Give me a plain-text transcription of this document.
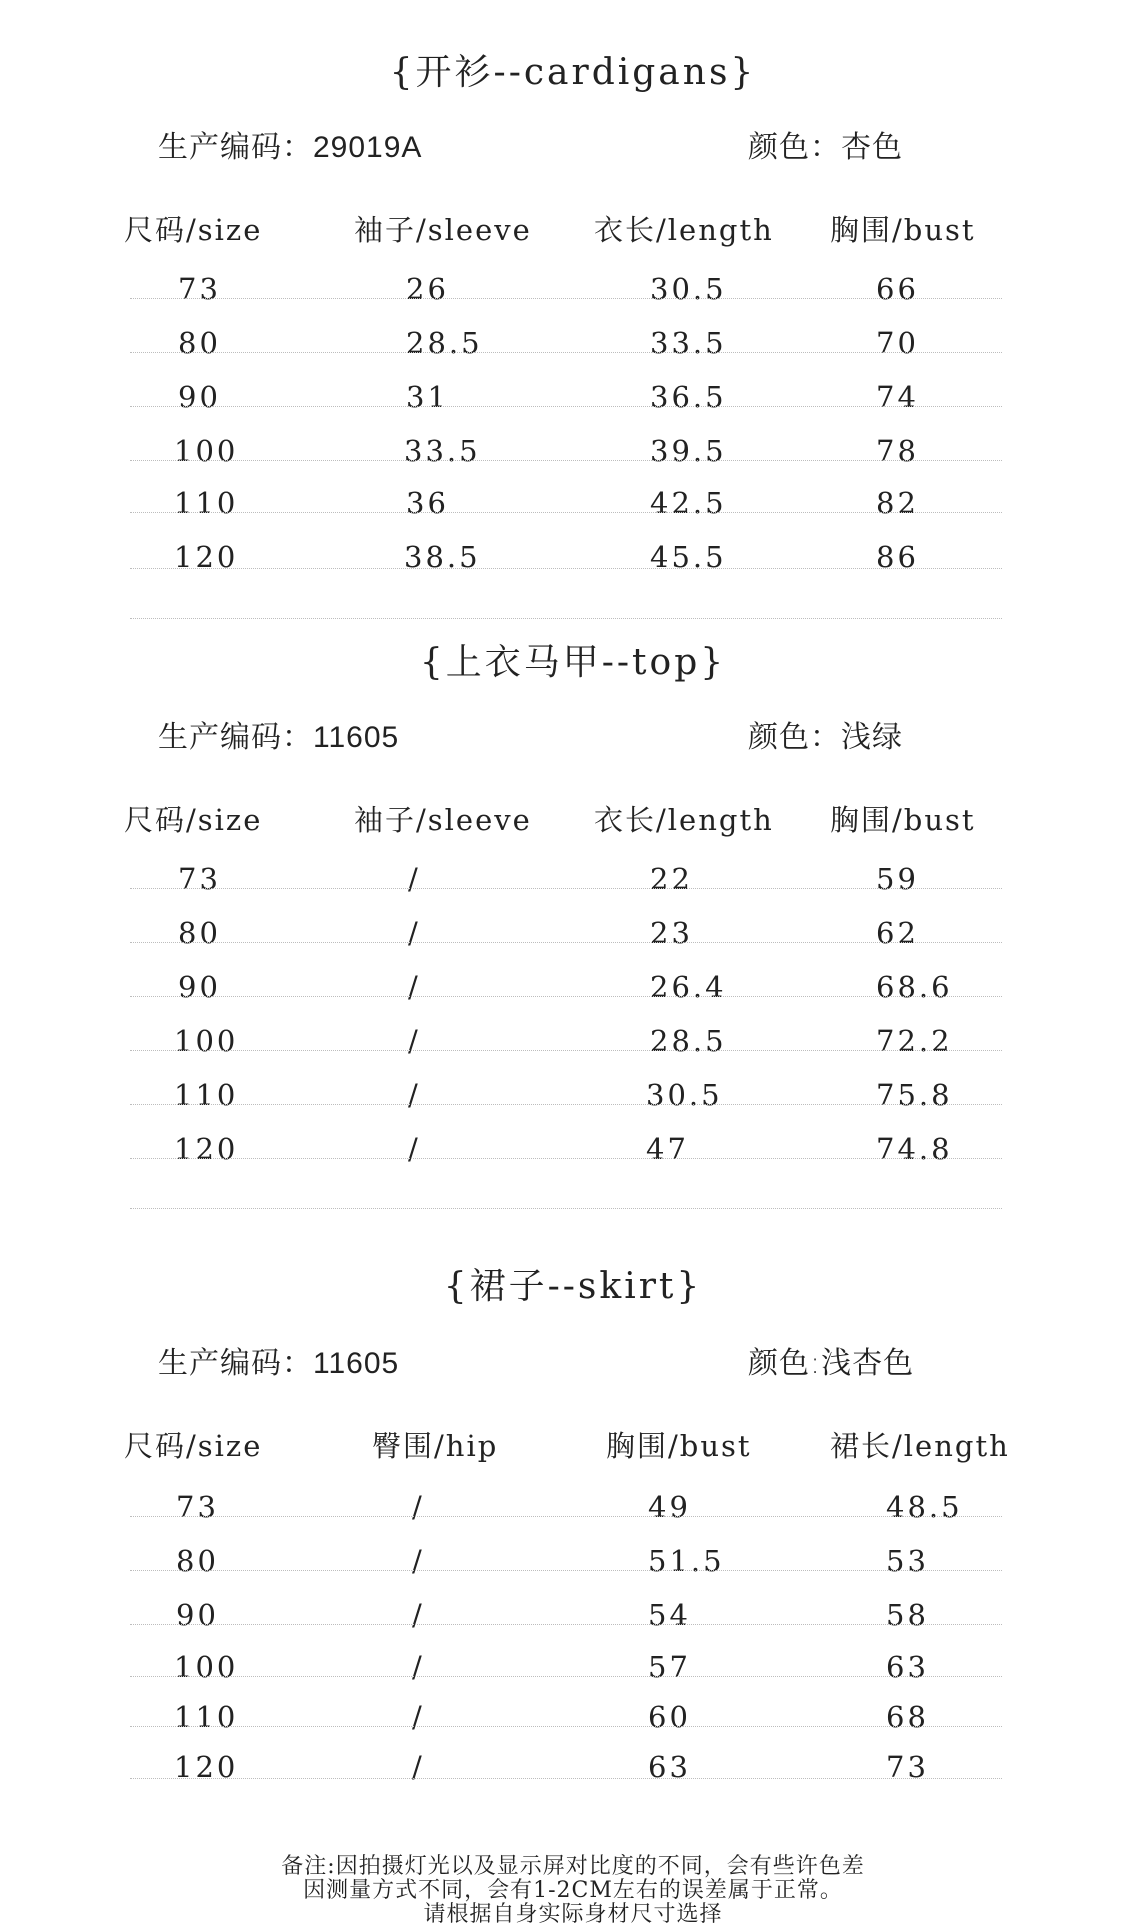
{开衫--cardigans}
生产编码：29019A	颜色：杏色
尺码/size	袖子/sleeve 衣长/length 胸围/bust
73	26	30.5	66
80	28.5	33.5	70
90	31	36.5	74
100	33.5	39.5	78
110	36	42.5	82
120	38.5	45.5	86
{上衣马甲--top}
生产编码：11605	颜色：浅绿
尺码/size	袖子/sleeve 衣长/length 胸围/bust
73	/	22	59
80	/	23	62
90	/	26.4	68.6
100	/	28.5	72.2
110	/	30.5	75.8
120	/	47	74.8
{裙子--skirt}
生产编码：11605	颜色:浅杏色
尺码/size	臀围/hip	胸围/bust	裙长/length
73	/	49	48.5
80	/	51.5	53
90	/	54	58
100	/	57	63
110	/	60	68
120	/	63	73
备注:因拍摄灯光以及显示屏对比度的不同，会有些许色差
因测量方式不同，会有1-2CM左右的误差属于正常。
请根据自身实际身材尺寸选择
